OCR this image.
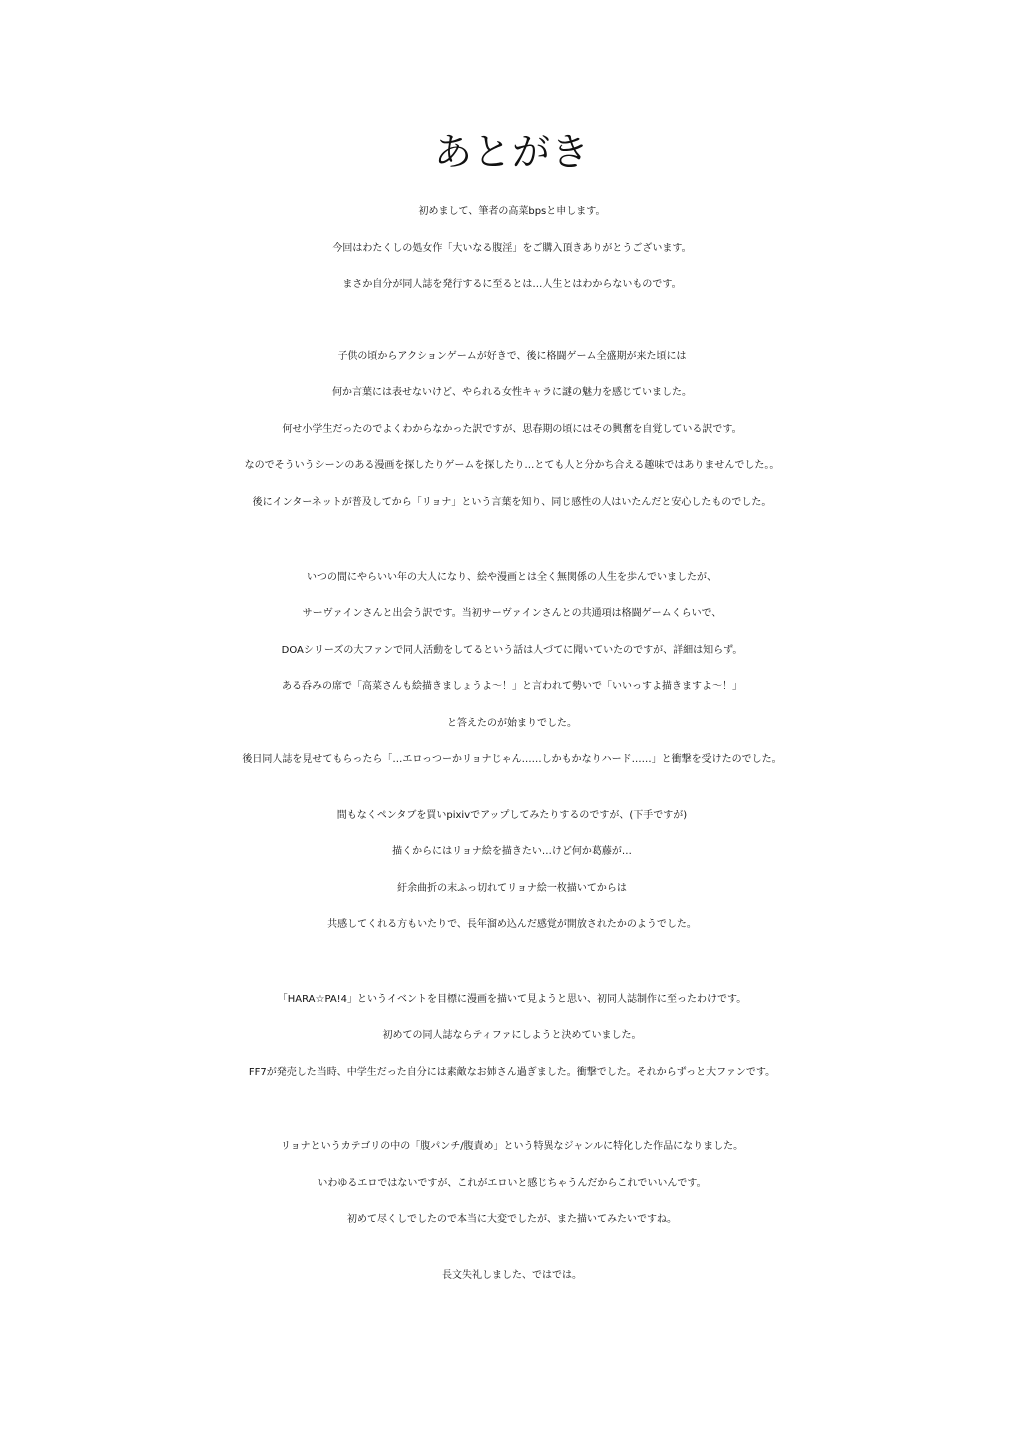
あとがき
初めまして、筆者の高菜bpsと申します。
今回はわたくしの処女作「大いなる腹淫」をご購入頂きありがとうございます。
まさか自分が同人誌を発行するに至るとは…人生とはわからないものです。
子供の頃からアクションゲームが好きで、後に格闘ゲーム全盛期が来た頃には
何か言葉には表せないけど、やられる女性キャラに謎の魅力を感じていました。
何せ小学生だったのでよくわからなかった訳ですが、思春期の頃にはその興奮を自覚している訳です。
なのでそういうシーンのある漫画を探したりゲームを探したり…とても人と分かち合える趣味ではありませんでした。。
後にインターネットが普及してから「リョナ」という言葉を知り、同じ感性の人はいたんだと安心したものでした。
いつの間にやらいい年の大人になり、絵や漫画とは全く無関係の人生を歩んでいましたが、
サーヴァインさんと出会う訳です。当初サーヴァインさんとの共通項は格闘ゲームくらいで、
DOAシリーズの大ファンで同人活動をしてるという話は人づてに聞いていたのですが、詳細は知らず。
ある呑みの席で「高菜さんも絵描きましょうよ～！」と言われて勢いで「いいっすよ描きますよ～！」
と答えたのが始まりでした。
後日同人誌を見せてもらったら「…エロっつーかリョナじゃん……しかもかなりハード……」と衝撃を受けたのでした。
間もなくペンタブを買いpixivでアップしてみたりするのですが、(下手ですが)
描くからにはリョナ絵を描きたい…けど何か葛藤が…
紆余曲折の末ふっ切れてリョナ絵一枚描いてからは
共感してくれる方もいたりで、長年溜め込んだ感覚が開放されたかのようでした。
「HARA☆PA!4」というイベントを目標に漫画を描いて見ようと思い、初同人誌制作に至ったわけです。
初めての同人誌ならティファにしようと決めていました。
FF7が発売した当時、中学生だった自分には素敵なお姉さん過ぎました。衝撃でした。それからずっと大ファンです。
リョナというカテゴリの中の「腹パンチ/腹責め」という特異なジャンルに特化した作品になりました。
いわゆるエロではないですが、これがエロいと感じちゃうんだからこれでいいんです。
初めて尽くしでしたので本当に大変でしたが、また描いてみたいですね。
長文失礼しました、ではでは。
